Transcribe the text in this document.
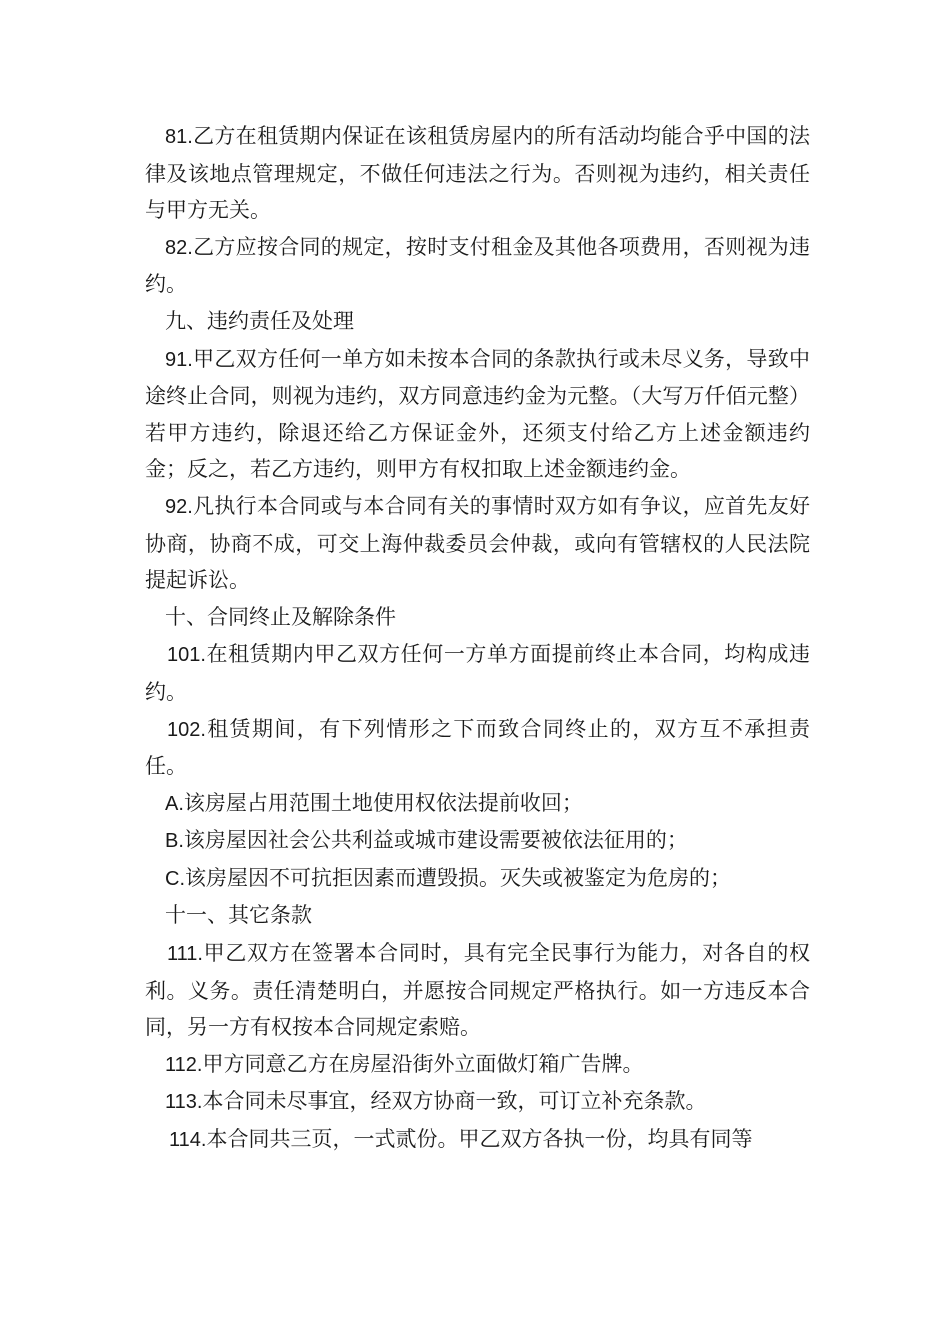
81.乙方在租赁期内保证在该租赁房屋内的所有活动均能合乎中国的法律及该地点管理规定，不做任何违法之行为。否则视为违约，相关责任与甲方无关。

82.乙方应按合同的规定，按时支付租金及其他各项费用，否则视为违约。

九、违约责任及处理

91.甲乙双方任何一单方如未按本合同的条款执行或未尽义务，导致中途终止合同，则视为违约，双方同意违约金为元整。（大写万仟佰元整）若甲方违约，除退还给乙方保证金外，还须支付给乙方上述金额违约金；反之，若乙方违约，则甲方有权扣取上述金额违约金。

92.凡执行本合同或与本合同有关的事情时双方如有争议，应首先友好协商，协商不成，可交上海仲裁委员会仲裁，或向有管辖权的人民法院提起诉讼。

十、合同终止及解除条件

101.在租赁期内甲乙双方任何一方单方面提前终止本合同，均构成违约。

102.租赁期间，有下列情形之下而致合同终止的，双方互不承担责任。

A.该房屋占用范围土地使用权依法提前收回；

B.该房屋因社会公共利益或城市建设需要被依法征用的；

C.该房屋因不可抗拒因素而遭毁损。灭失或被鉴定为危房的；

十一、其它条款

111.甲乙双方在签署本合同时，具有完全民事行为能力，对各自的权利。义务。责任清楚明白，并愿按合同规定严格执行。如一方违反本合同，另一方有权按本合同规定索赔。

112.甲方同意乙方在房屋沿街外立面做灯箱广告牌。

113.本合同未尽事宜，经双方协商一致，可订立补充条款。

114.本合同共三页，一式贰份。甲乙双方各执一份，均具有同等
